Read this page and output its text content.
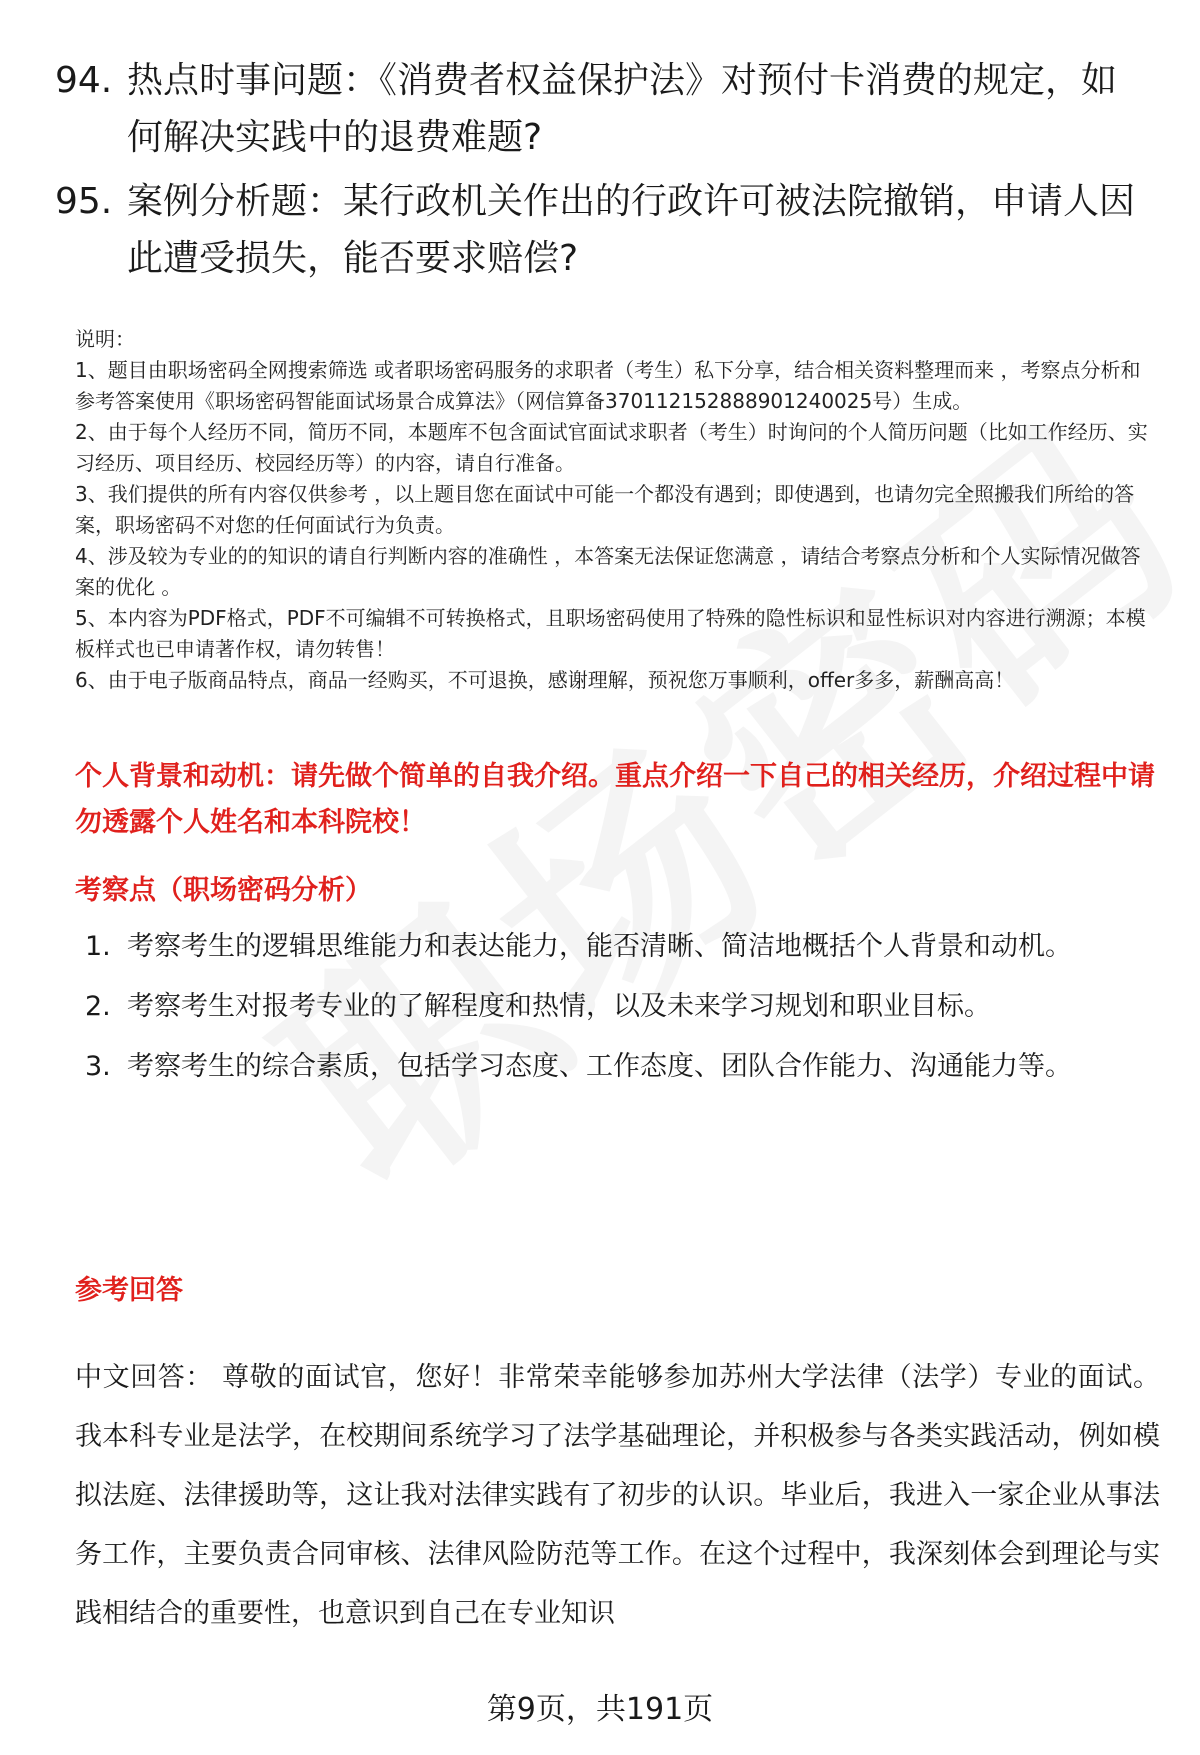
94. 热点时事问题：《消费者权益保护法》对预付卡消费的规定，如何解决实践中的退费难题?
95. 案例分析题：某行政机关作出的行政许可被法院撤销，申请人因此遭受损失，能否要求赔偿?
说明：
1、题目由职场密码全网搜索筛选 或者职场密码服务的求职者（考生）私下分享，结合相关资料整理而来 ，考察点分析和参考答案使用《职场密码智能面试场景合成算法》（网信算备370112152888901240025号）生成。
2、由于每个人经历不同，简历不同，本题库不包含面试官面试求职者（考生）时询问的个人简历问题（比如工作经历、实习经历、项目经历、校园经历等）的内容，请自行准备。
3、我们提供的所有内容仅供参考 ，以上题目您在面试中可能一个都没有遇到；即使遇到，也请勿完全照搬我们所给的答案，职场密码不对您的任何面试行为负责。
4、涉及较为专业的的知识的请自行判断内容的准确性 ，本答案无法保证您满意 ，请结合考察点分析和个人实际情况做答案的优化 。
5、本内容为PDF格式，PDF不可编辑不可转换格式，且职场密码使用了特殊的隐性标识和显性标识对内容进行溯源；本模板样式也已申请著作权，请勿转售！
6、由于电子版商品特点，商品一经购买，不可退换，感谢理解，预祝您万事顺利，offer多多，薪酬高高！
个人背景和动机：请先做个简单的自我介绍。重点介绍一下自己的相关经历，介绍过程中请勿透露个人姓名和本科院校！
考察点（职场密码分析）
1. 考察考生的逻辑思维能力和表达能力，能否清晰、简洁地概括个人背景和动机。
2. 考察考生对报考专业的了解程度和热情，以及未来学习规划和职业目标。
3. 考察考生的综合素质，包括学习态度、工作态度、团队合作能力、沟通能力等。
参考回答
中文回答： 尊敬的面试官，您好！非常荣幸能够参加苏州大学法律（法学）专业的面试。我本科专业是法学，在校期间系统学习了法学基础理论，并积极参与各类实践活动，例如模拟法庭、法律援助等，这让我对法律实践有了初步的认识。毕业后，我进入一家企业从事法务工作，主要负责合同审核、法律风险防范等工作。在这个过程中，我深刻体会到理论与实践相结合的重要性，也意识到自己在专业知识
第9页，共191页
